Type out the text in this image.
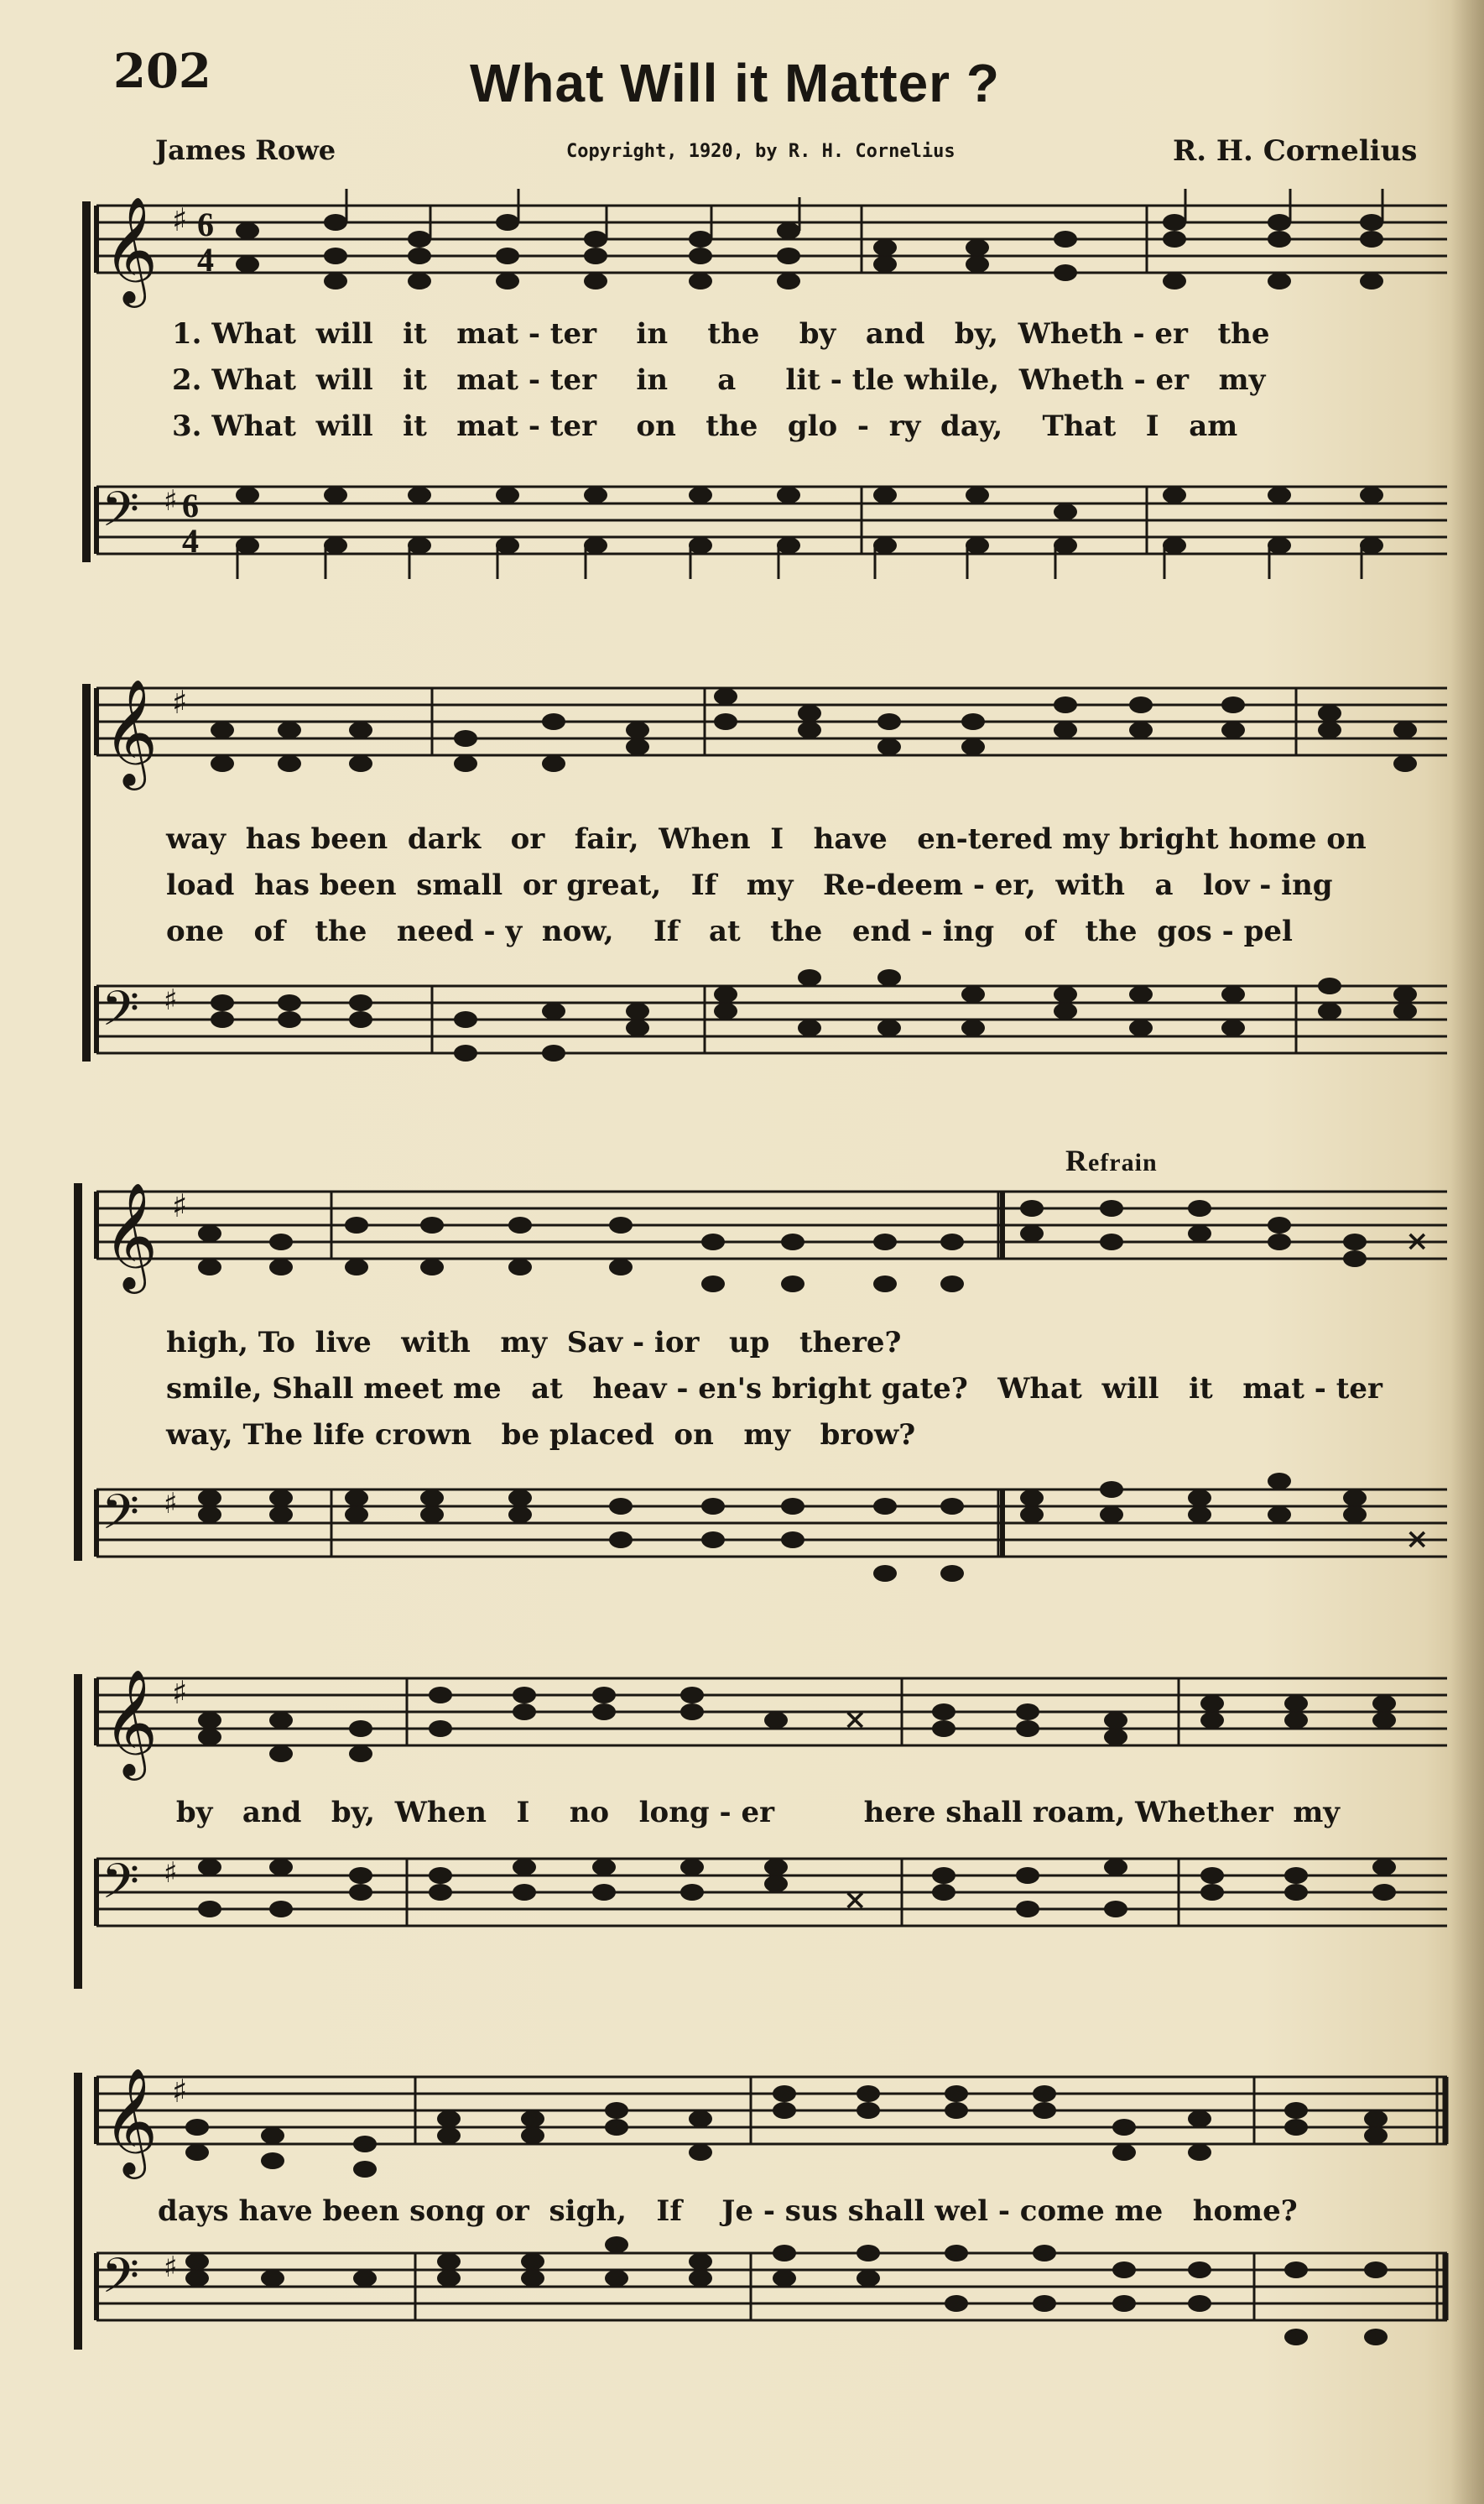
202	What Will it Matter ?
James Rowe	Copyright, 1920, by R. H. Cornelius	R. H. Cornelius
𝄞 ♯ 6
4
1. What  will   it   mat - ter    in    the    by   and   by,  Wheth - er   the
2. What  will   it   mat - ter    in     a     lit - tle while,  Wheth - er   my
3. What  will   it   mat - ter    on   the   glo  -  ry  day,    That   I   am
𝄢 ♯ 6
4
𝄞 ♯
way  has been  dark   or   fair,  When  I   have   en-tered my bright home on
load  has been  small  or great,   If   my   Re-deem - er,  with   a   lov - ing
one   of   the   need - y  now,    If   at   the   end - ing   of   the  gos - pel
𝄢 ♯
Refrain
𝄞 ♯
×
high, To  live   with   my  Sav - ior   up   there?
smile, Shall meet me   at   heav - en's bright gate?   What  will   it   mat - ter
way, The life crown   be placed  on   my   brow?
𝄢 ♯
×
𝄞 ♯
×
by   and   by,  When   I    no   long - er         here shall roam, Whether  my
𝄢 ♯
×
𝄞 ♯
days have been song or  sigh,   If    Je - sus shall wel - come me   home?
𝄢 ♯
